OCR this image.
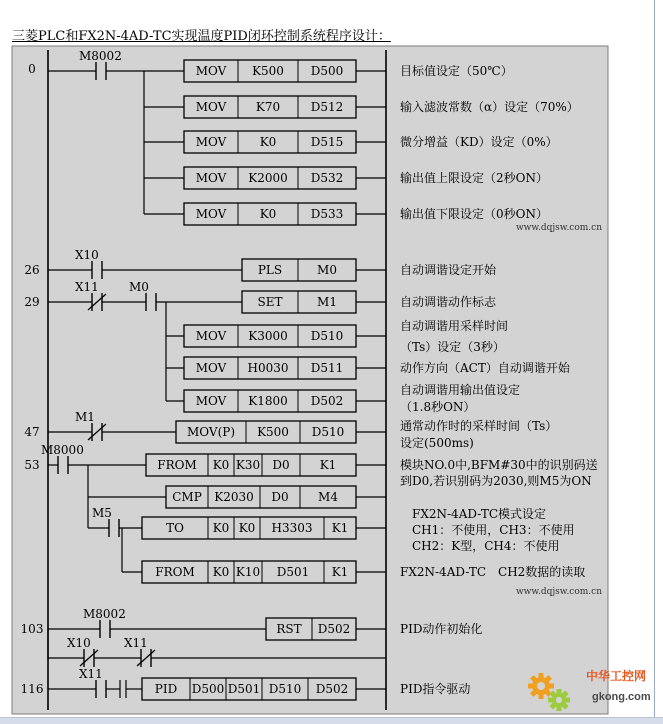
三菱PLC和FX2N-4AD-TC实现温度PID闭环控制系统程序设计：
0
M8002
MOV K500 D500	目标值设定（50℃）
MOV K70	D512	输入滤波常数（α）设定（70%）
MOV	K0	D515	微分增益（KD）设定（0%）
MOV K2000 D532	输出值上限设定（2秒ON）
MOV	K0	D533	输出值下限设定（0秒ON）
www.dqjsw.com.cn
26
X10
PLS	M0	自动调谐设定开始
29
X11	M0
SET	M1
MOV K3000 D510
MOV H0030 D511
MOV K1800 D502
自动调谐动作标志
自动调谐用采样时间
（Ts）设定（3秒）
动作方向（ACT）自动调谐开始
自动调谐用输出值设定
（1.8秒ON）
47
M1
MOV(P) K500 D510	通常动作时的采样时间（Ts）
设定(500ms)
53
M8000
M5
FROM K0 K30 D0	K1
CMP K2030 D0 M4
TO K0 K0 H3303 K1
FROM K0 K10 D501 K1
模块NO.0中,BFM#30中的识别码送
到D0,若识别码为2030,则M5为ON
FX2N-4AD-TC模式设定
CH1：不使用，CH3：不使用
CH2：K型，CH4：不使用
FX2N-4AD-TC　CH2数据的读取
www.dqjsw.com.cn
103
M8002
RST D502	PID动作初始化
X10	X11
116
X11
PID D500 D501 D510 D502	PID指令驱动
中华工控网
gkong.com
